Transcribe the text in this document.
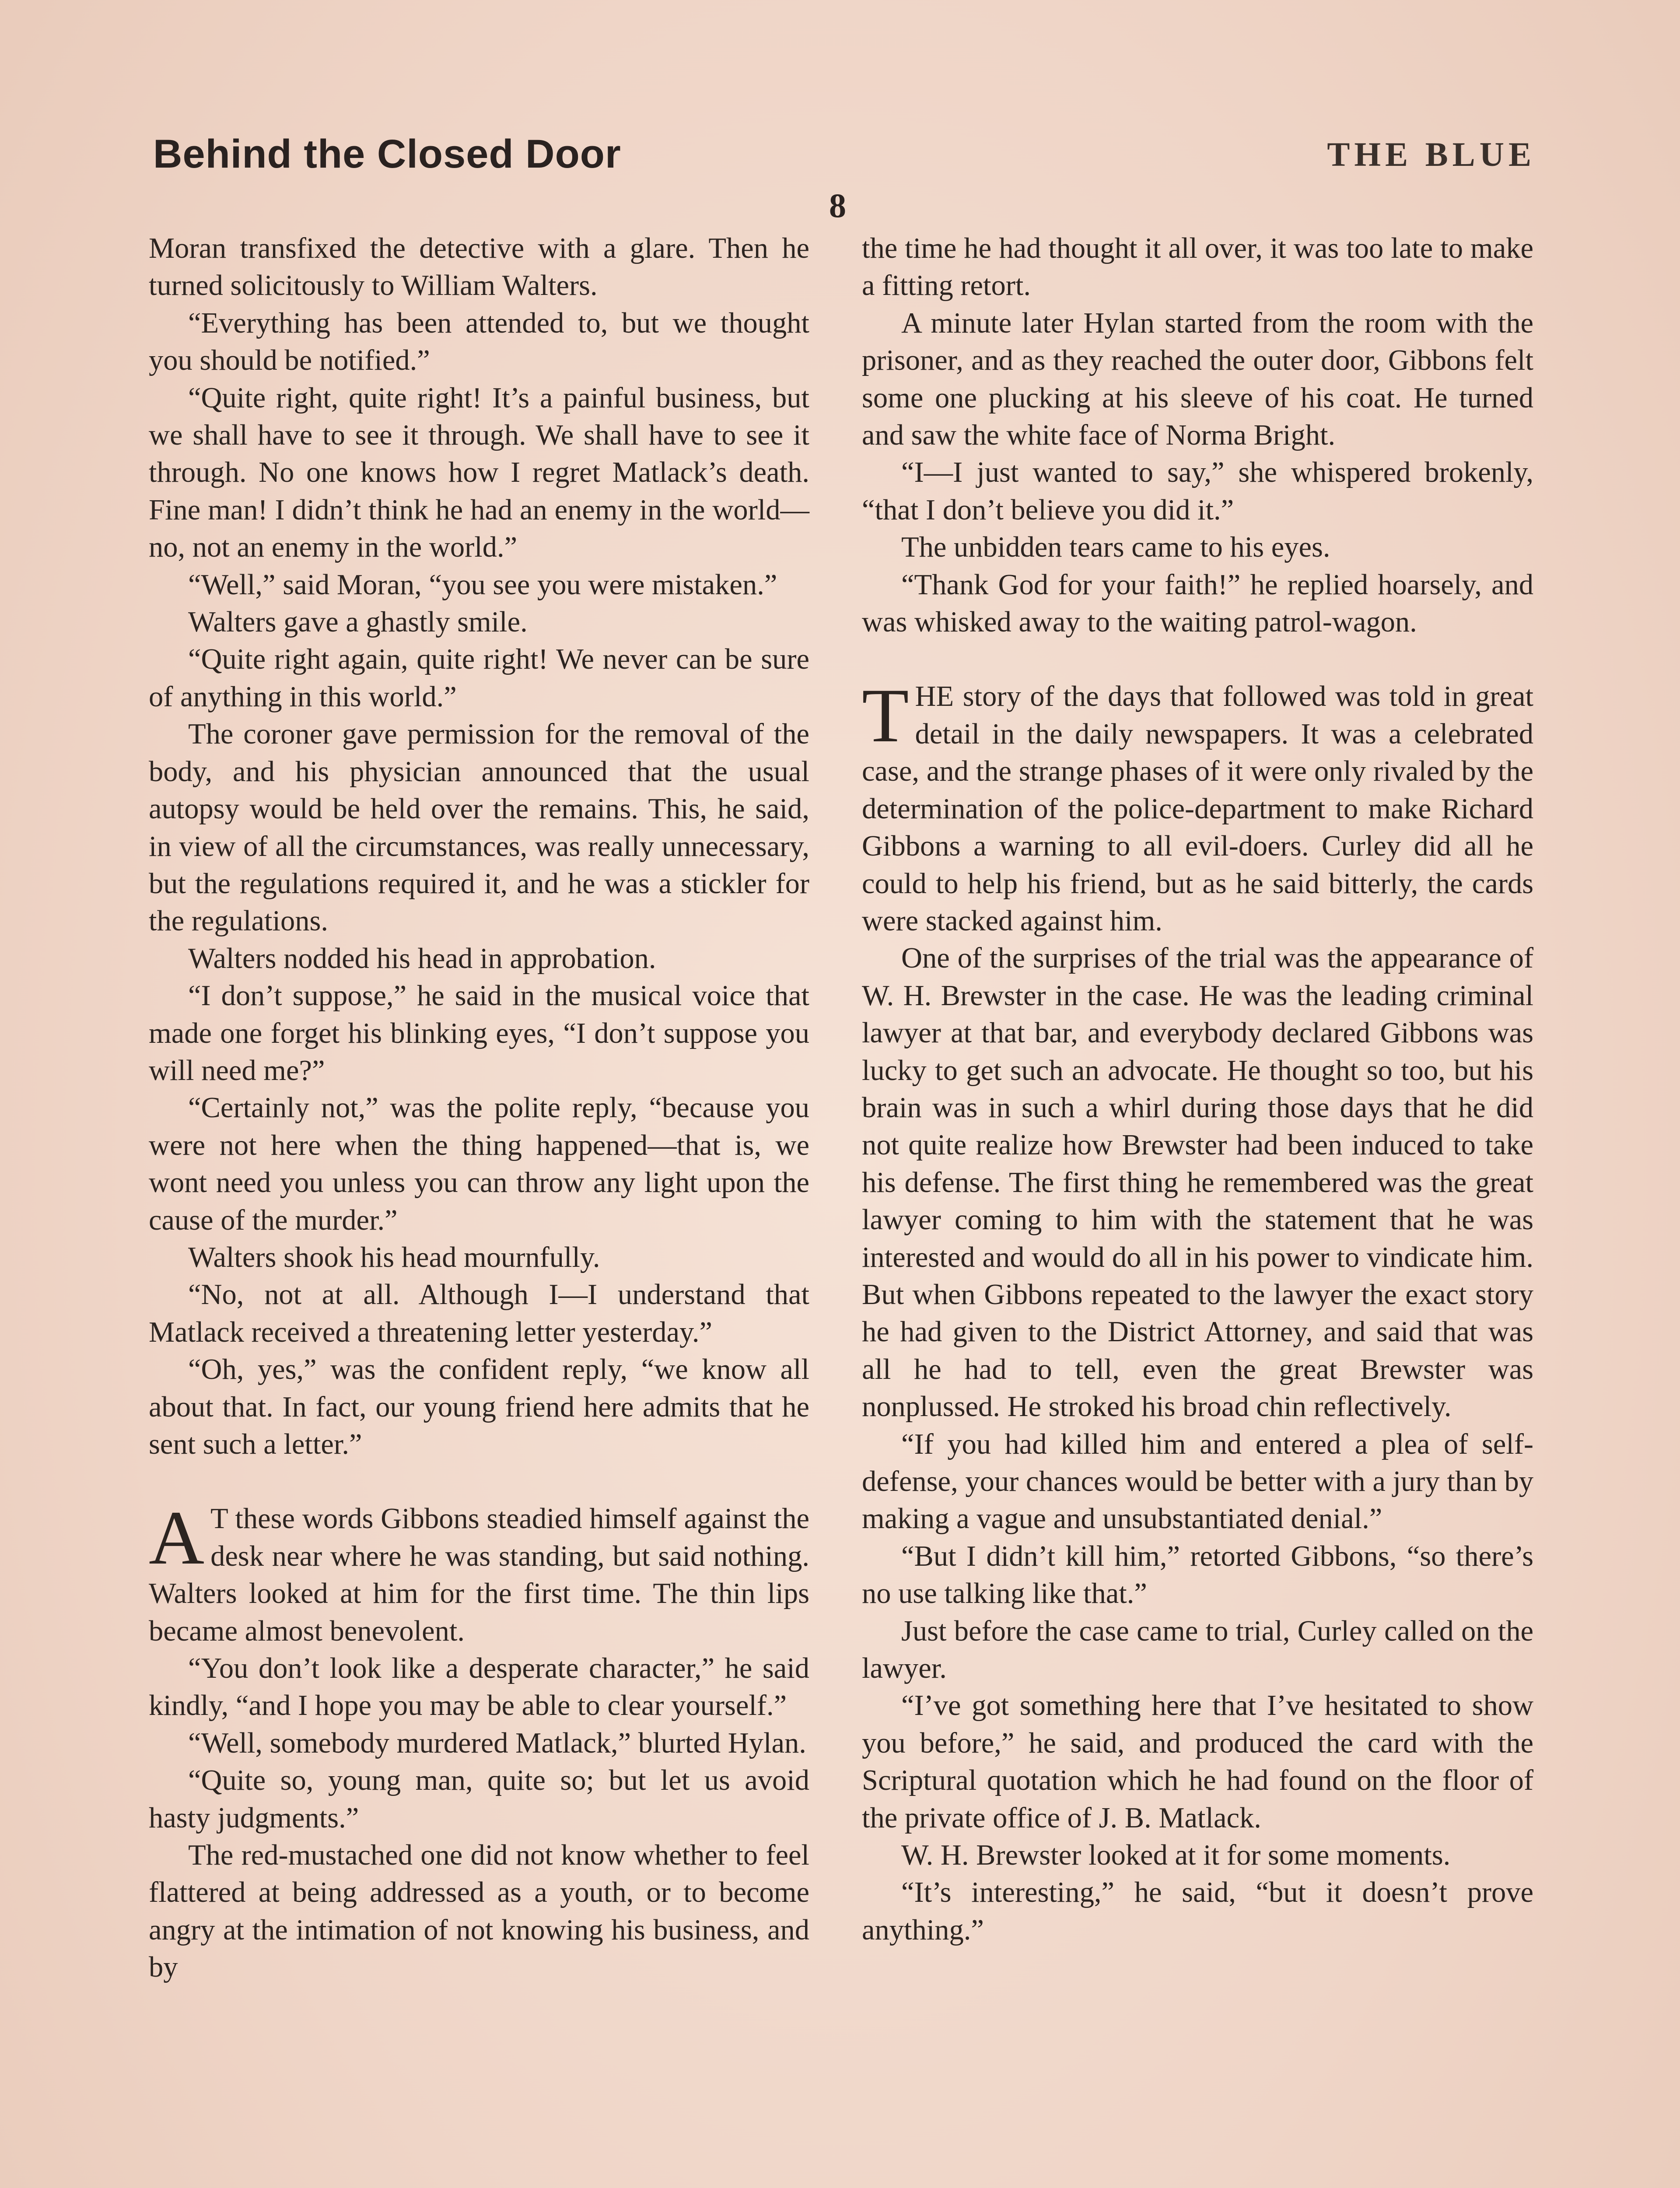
Behind the Closed Door	THE BLUE
8

Moran transfixed the detective with a glare. Then he turned solicitously to William Walters.

“Everything has been attended to, but we thought you should be notified.”

“Quite right, quite right! It’s a painful business, but we shall have to see it through. We shall have to see it through. No one knows how I regret Matlack’s death. Fine man! I didn’t think he had an enemy in the world—no, not an enemy in the world.”

“Well,” said Moran, “you see you were mistaken.”

Walters gave a ghastly smile.

“Quite right again, quite right! We never can be sure of anything in this world.”

The coroner gave permission for the removal of the body, and his physician announced that the usual autopsy would be held over the remains. This, he said, in view of all the circumstances, was really unnecessary, but the regulations required it, and he was a stickler for the regulations.

Walters nodded his head in approbation.

“I don’t suppose,” he said in the musical voice that made one forget his blinking eyes, “I don’t suppose you will need me?”

“Certainly not,” was the polite reply, “because you were not here when the thing happened—that is, we wont need you unless you can throw any light upon the cause of the murder.”

Walters shook his head mournfully.

“No, not at all. Although I—I understand that Matlack received a threatening letter yesterday.”

“Oh, yes,” was the confident reply, “we know all about that. In fact, our young friend here admits that he sent such a letter.”

A T these words Gibbons steadied himself against the desk near where he was standing, but said nothing. Walters looked at him for the first time. The thin lips became almost benevolent.

“You don’t look like a desperate character,” he said kindly, “and I hope you may be able to clear yourself.”

“Well, somebody murdered Matlack,” blurted Hylan.

“Quite so, young man, quite so; but let us avoid hasty judgments.”

The red-mustached one did not know whether to feel flattered at being addressed as a youth, or to become angry at the intimation of not knowing his business, and by

the time he had thought it all over, it was too late to make a fitting retort.

A minute later Hylan started from the room with the prisoner, and as they reached the outer door, Gibbons felt some one plucking at his sleeve of his coat. He turned and saw the white face of Norma Bright.

“I—I just wanted to say,” she whispered brokenly, “that I don’t believe you did it.”

The unbidden tears came to his eyes.

“Thank God for your faith!” he replied hoarsely, and was whisked away to the waiting patrol-wagon.

THE story of the days that followed was told in great detail in the daily newspapers. It was a celebrated case, and the strange phases of it were only rivaled by the determination of the police-department to make Richard Gibbons a warning to all evil-doers. Curley did all he could to help his friend, but as he said bitterly, the cards were stacked against him.

One of the surprises of the trial was the appearance of W. H. Brewster in the case. He was the leading criminal lawyer at that bar, and everybody declared Gibbons was lucky to get such an advocate. He thought so too, but his brain was in such a whirl during those days that he did not quite realize how Brewster had been induced to take his defense. The first thing he remembered was the great lawyer coming to him with the statement that he was interested and would do all in his power to vindicate him. But when Gibbons repeated to the lawyer the exact story he had given to the District Attorney, and said that was all he had to tell, even the great Brewster was nonplussed. He stroked his broad chin reflectively.

“If you had killed him and entered a plea of self-defense, your chances would be better with a jury than by making a vague and unsubstantiated denial.”

“But I didn’t kill him,” retorted Gibbons, “so there’s no use talking like that.”

Just before the case came to trial, Curley called on the lawyer.

“I’ve got something here that I’ve hesitated to show you before,” he said, and produced the card with the Scriptural quotation which he had found on the floor of the private office of J. B. Matlack.

W. H. Brewster looked at it for some moments.

“It’s interesting,” he said, “but it doesn’t prove anything.”
